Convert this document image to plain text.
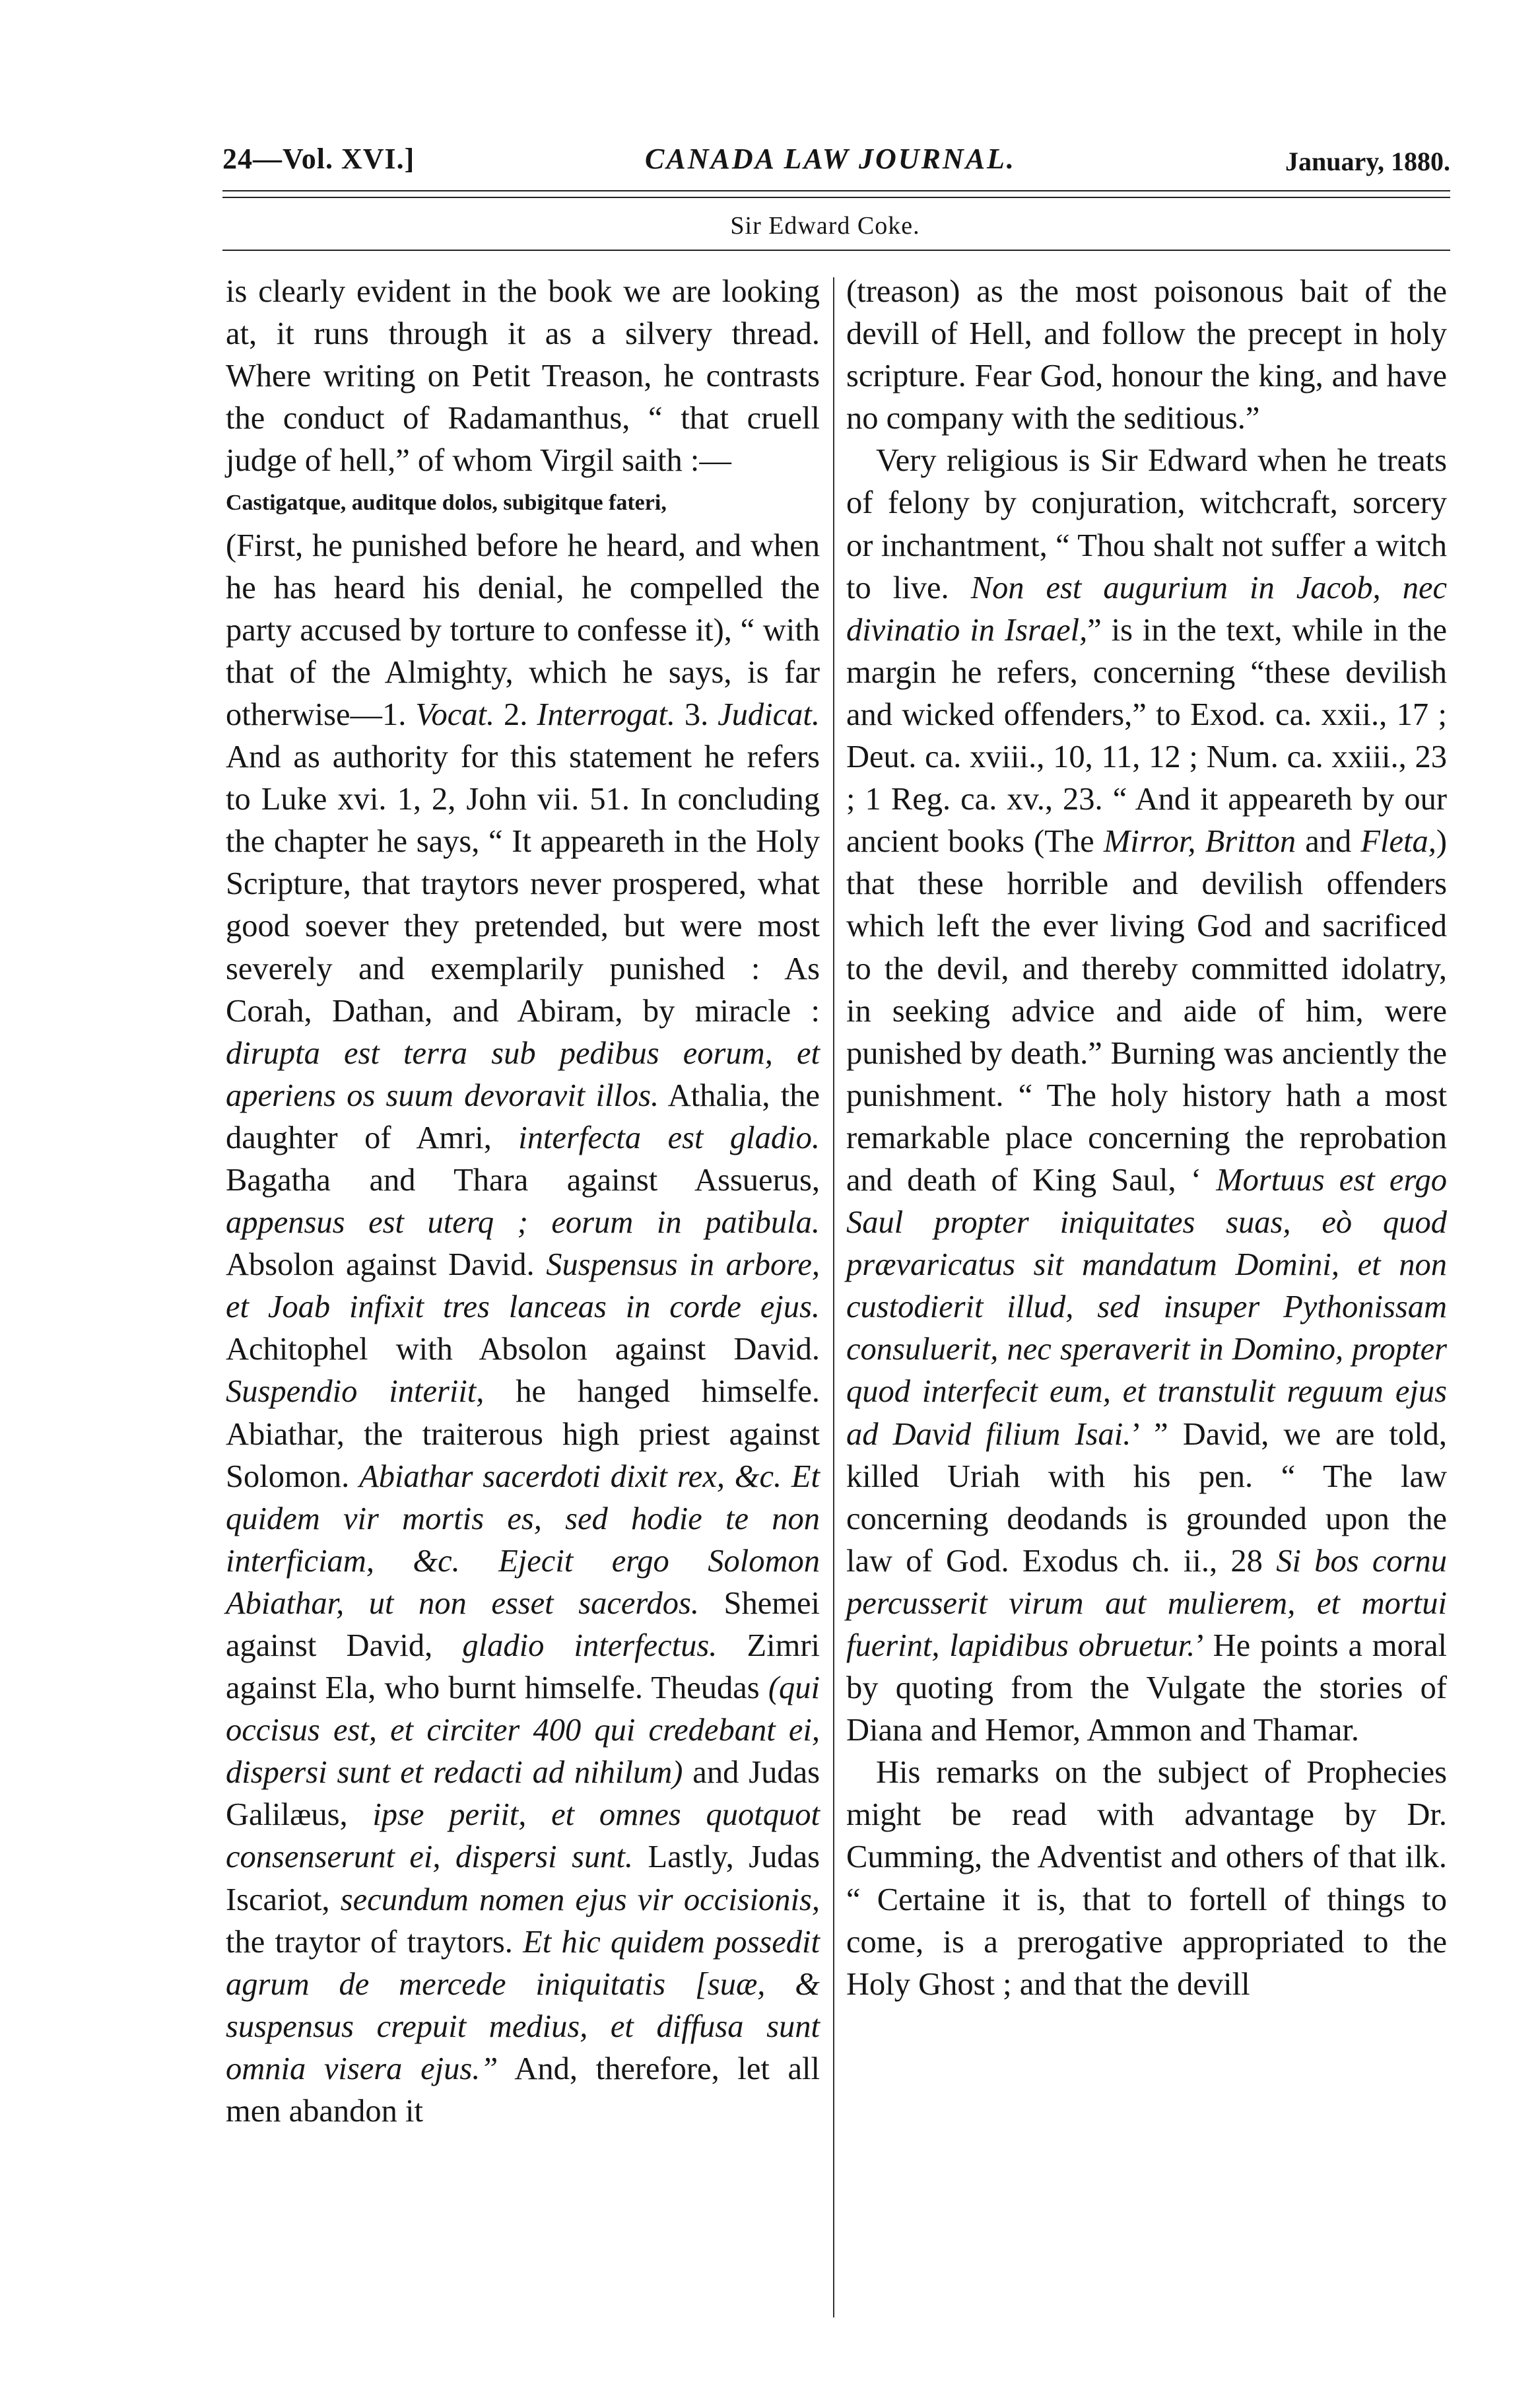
24—Vol. XVI.]	CANADA LAW JOURNAL.	January, 1880.
Sir Edward Coke.

is clearly evident in the book we are looking at, it runs through it as a silvery thread. Where writing on Petit Treason, he contrasts the conduct of Radamanthus, “ that cruell judge of hell,” of whom Virgil saith :—

Castigatque, auditque dolos, subigitque fateri,

(First, he punished before he heard, and when he has heard his denial, he compelled the party accused by torture to confesse it), “ with that of the Almighty, which he says, is far otherwise—1. Vocat. 2. Interrogat. 3. Judicat. And as authority for this statement he refers to Luke xvi. 1, 2, John vii. 51. In concluding the chapter he says, “ It appeareth in the Holy Scripture, that traytors never prospered, what good soever they pretended, but were most severely and exemplarily punished : As Corah, Dathan, and Abiram, by miracle : dirupta est terra sub pedibus eorum, et aperiens os suum devoravit illos. Athalia, the daughter of Amri, interfecta est gladio. Bagatha and Thara against Assuerus, appensus est uterq ; eorum in patibula. Absolon against David. Suspensus in arbore, et Joab infixit tres lanceas in corde ejus. Achitophel with Absolon against David. Suspendio interiit, he hanged himselfe. Abiathar, the traiterous high priest against Solomon. Abiathar sacerdoti dixit rex, &c. Et quidem vir mortis es, sed hodie te non interficiam, &c. Ejecit ergo Solomon Abiathar, ut non esset sacerdos. Shemei against David, gladio interfectus. Zimri against Ela, who burnt himselfe. Theudas (qui occisus est, et circiter 400 qui credebant ei, dispersi sunt et redacti ad nihilum) and Judas Galilæus, ipse periit, et omnes quotquot consenserunt ei, dispersi sunt. Lastly, Judas Iscariot, secundum nomen ejus vir occisionis, the traytor of traytors. Et hic quidem possedit agrum de mercede iniquitatis [suæ, & suspensus crepuit medius, et diffusa sunt omnia visera ejus.” And, therefore, let all men abandon it

(treason) as the most poisonous bait of the devill of Hell, and follow the precept in holy scripture. Fear God, honour the king, and have no company with the seditious.”

Very religious is Sir Edward when he treats of felony by conjuration, witchcraft, sorcery or inchantment, “ Thou shalt not suffer a witch to live. Non est augurium in Jacob, nec divinatio in Israel,” is in the text, while in the margin he refers, concerning “these devilish and wicked offenders,” to Exod. ca. xxii., 17 ; Deut. ca. xviii., 10, 11, 12 ; Num. ca. xxiii., 23 ; 1 Reg. ca. xv., 23. “ And it appeareth by our ancient books (The Mirror, Britton and Fleta,) that these horrible and devilish offenders which left the ever living God and sacrificed to the devil, and thereby committed idolatry, in seeking advice and aide of him, were punished by death.” Burning was anciently the punishment. “ The holy history hath a most remarkable place concerning the reprobation and death of King Saul, ‘ Mortuus est ergo Saul propter iniquitates suas, eò quod prævaricatus sit mandatum Domini, et non custodierit illud, sed insuper Pythonissam consuluerit, nec speraverit in Domino, propter quod interfecit eum, et transtulit reguum ejus ad David filium Isai.’ ” David, we are told, killed Uriah with his pen. “ The law concerning deodands is grounded upon the law of God. Exodus ch. ii., 28 Si bos cornu percusserit virum aut mulierem, et mortui fuerint, lapidibus obruetur.’ He points a moral by quoting from the Vulgate the stories of Diana and Hemor, Ammon and Thamar.

His remarks on the subject of Prophecies might be read with advantage by Dr. Cumming, the Adventist and others of that ilk. “ Certaine it is, that to fortell of things to come, is a prerogative appropriated to the Holy Ghost ; and that the devill
